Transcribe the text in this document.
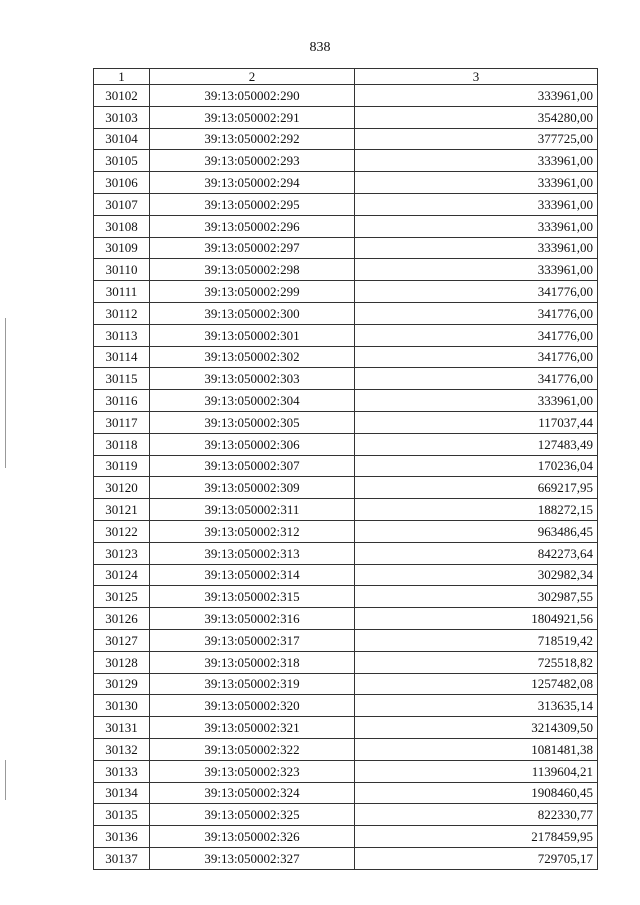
838
1	2	3
30102	39:13:050002:290	333961,00
30103	39:13:050002:291	354280,00
30104	39:13:050002:292	377725,00
30105	39:13:050002:293	333961,00
30106	39:13:050002:294	333961,00
30107	39:13:050002:295	333961,00
30108	39:13:050002:296	333961,00
30109	39:13:050002:297	333961,00
30110	39:13:050002:298	333961,00
30111	39:13:050002:299	341776,00
30112	39:13:050002:300	341776,00
30113	39:13:050002:301	341776,00
30114	39:13:050002:302	341776,00
30115	39:13:050002:303	341776,00
30116	39:13:050002:304	333961,00
30117	39:13:050002:305	117037,44
30118	39:13:050002:306	127483,49
30119	39:13:050002:307	170236,04
30120	39:13:050002:309	669217,95
30121	39:13:050002:311	188272,15
30122	39:13:050002:312	963486,45
30123	39:13:050002:313	842273,64
30124	39:13:050002:314	302982,34
30125	39:13:050002:315	302987,55
30126	39:13:050002:316	1804921,56
30127	39:13:050002:317	718519,42
30128	39:13:050002:318	725518,82
30129	39:13:050002:319	1257482,08
30130	39:13:050002:320	313635,14
30131	39:13:050002:321	3214309,50
30132	39:13:050002:322	1081481,38
30133	39:13:050002:323	1139604,21
30134	39:13:050002:324	1908460,45
30135	39:13:050002:325	822330,77
30136	39:13:050002:326	2178459,95
30137	39:13:050002:327	729705,17
